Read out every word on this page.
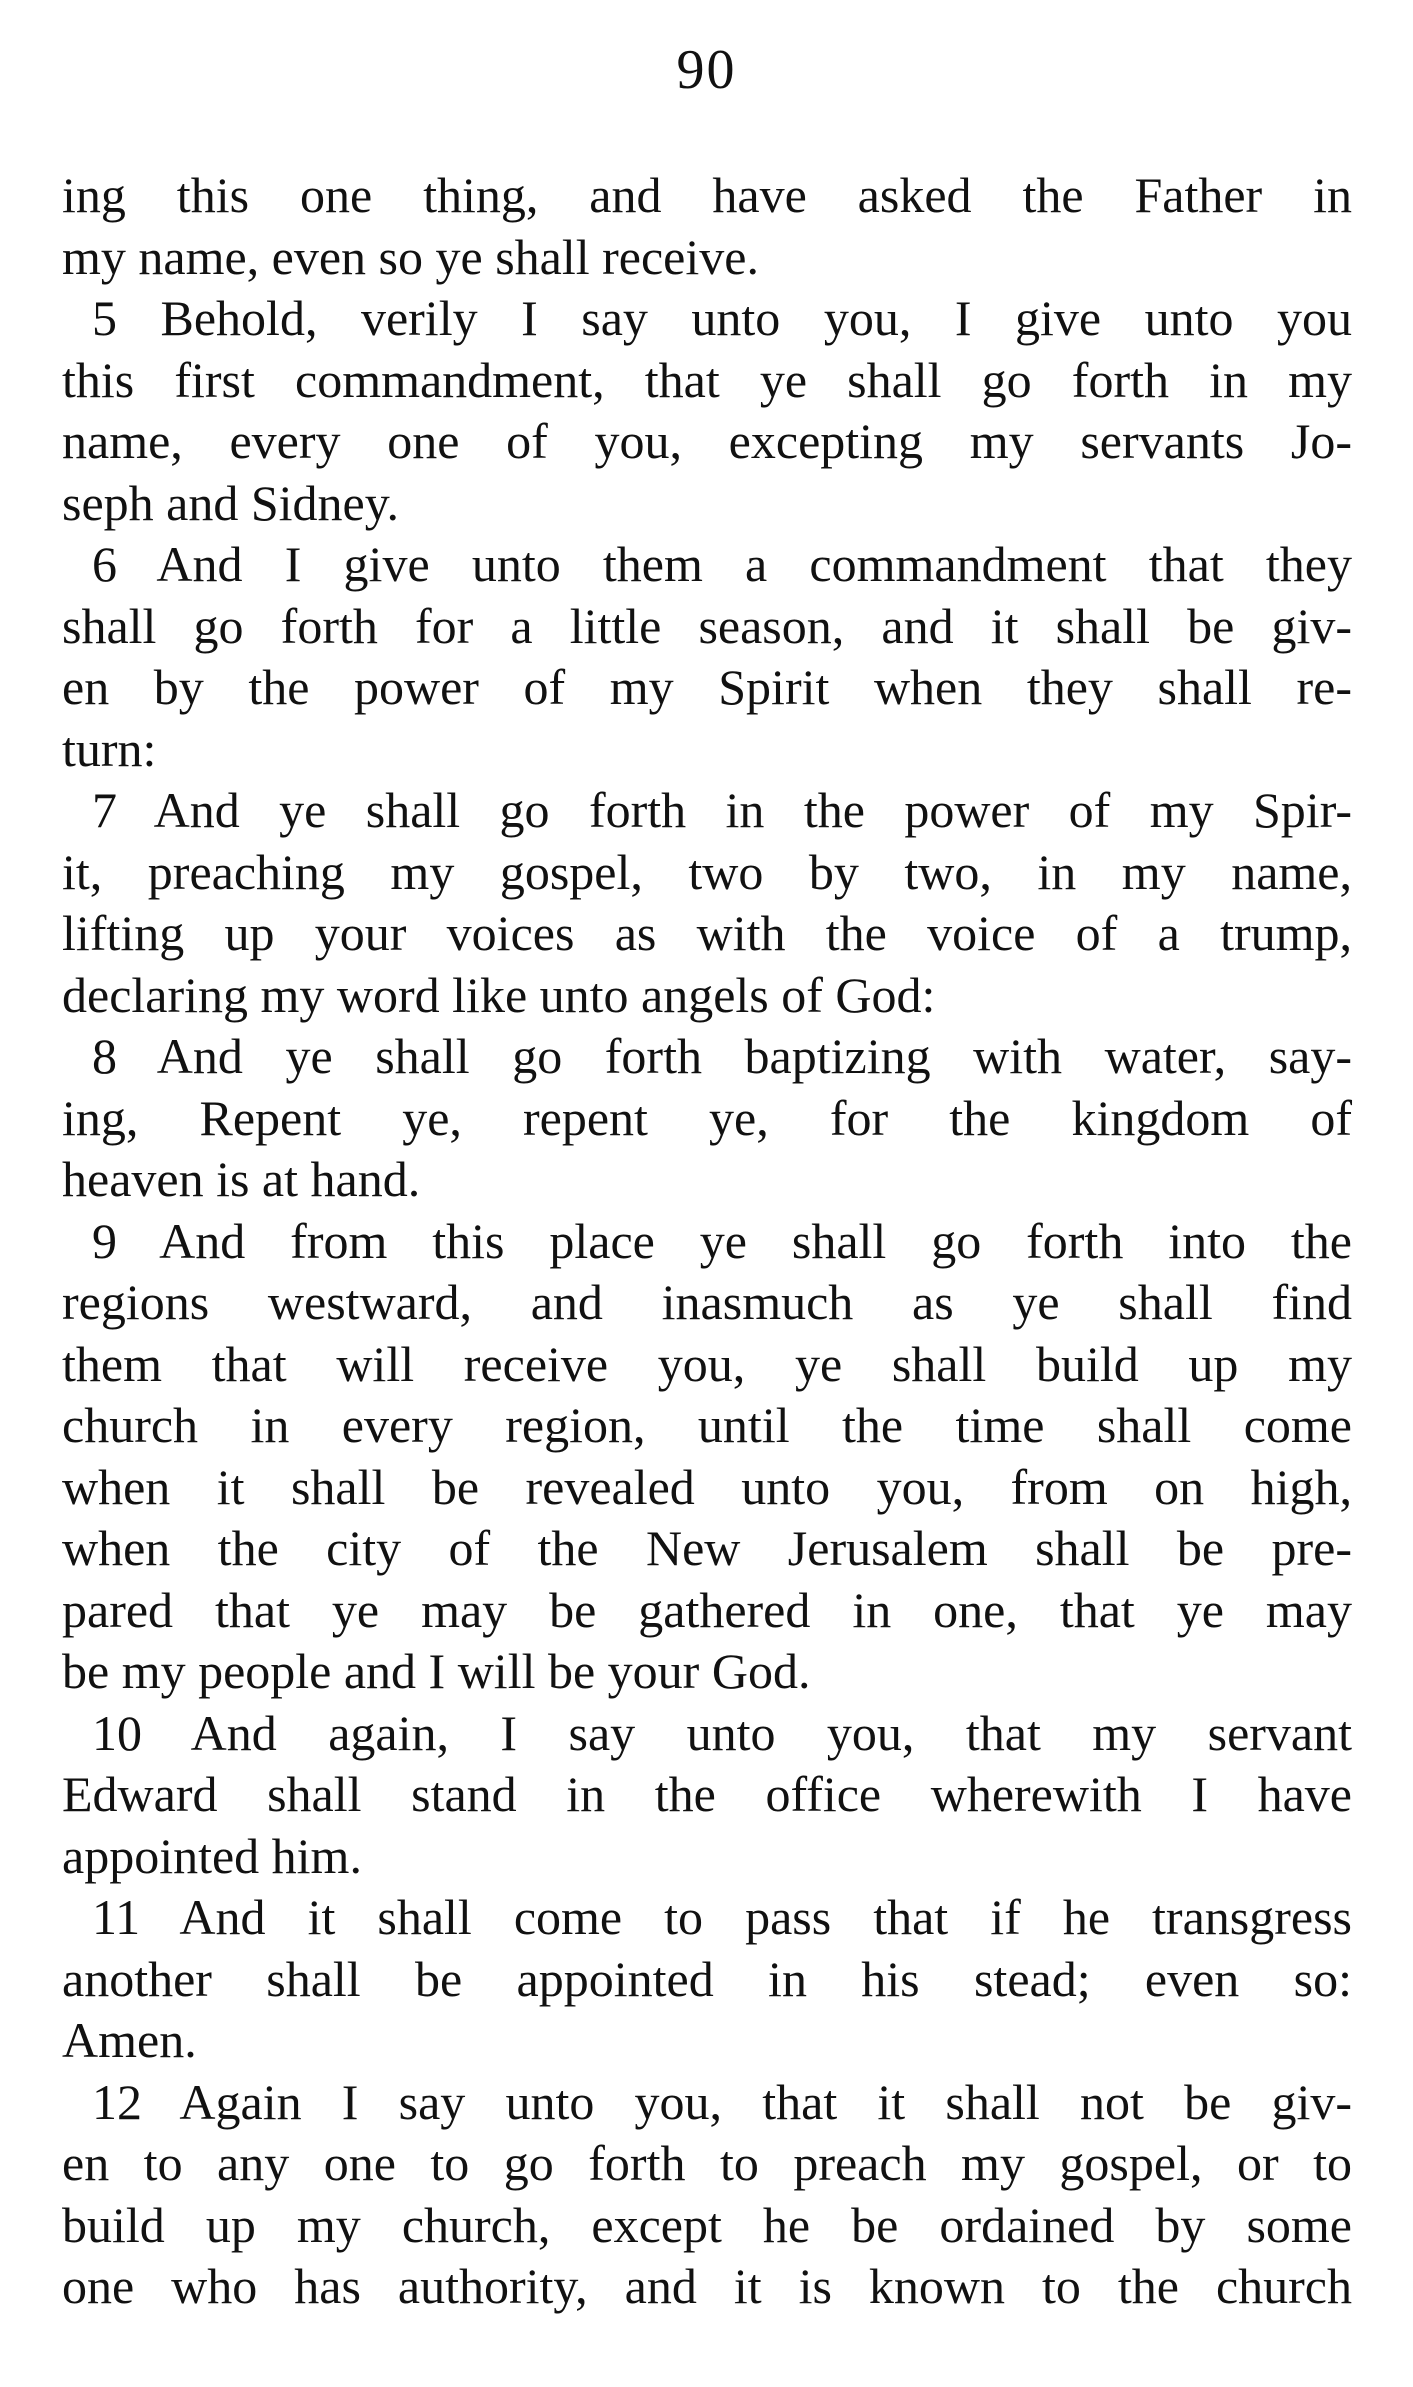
90
ing this one thing, and have asked the Father in
my name, even so ye shall receive.
5 Behold, verily I say unto you, I give unto you
this first commandment, that ye shall go forth in my
name, every one of you, excepting my servants Jo-
seph and Sidney.
6 And I give unto them a commandment that they
shall go forth for a little season, and it shall be giv-
en by the power of my Spirit when they shall re-
turn:
7 And ye shall go forth in the power of my Spir-
it, preaching my gospel, two by two, in my name,
lifting up your voices as with the voice of a trump,
declaring my word like unto angels of God:
8 And ye shall go forth baptizing with water, say-
ing, Repent ye, repent ye, for the kingdom of
heaven is at hand.
9 And from this place ye shall go forth into the
regions westward, and inasmuch as ye shall find
them that will receive you, ye shall build up my
church in every region, until the time shall come
when it shall be revealed unto you, from on high,
when the city of the New Jerusalem shall be pre-
pared that ye may be gathered in one, that ye may
be my people and I will be your God.
10 And again, I say unto you, that my servant
Edward shall stand in the office wherewith I have
appointed him.
11 And it shall come to pass that if he transgress
another shall be appointed in his stead; even so:
Amen.
12 Again I say unto you, that it shall not be giv-
en to any one to go forth to preach my gospel, or to
build up my church, except he be ordained by some
one who has authority, and it is known to the church
